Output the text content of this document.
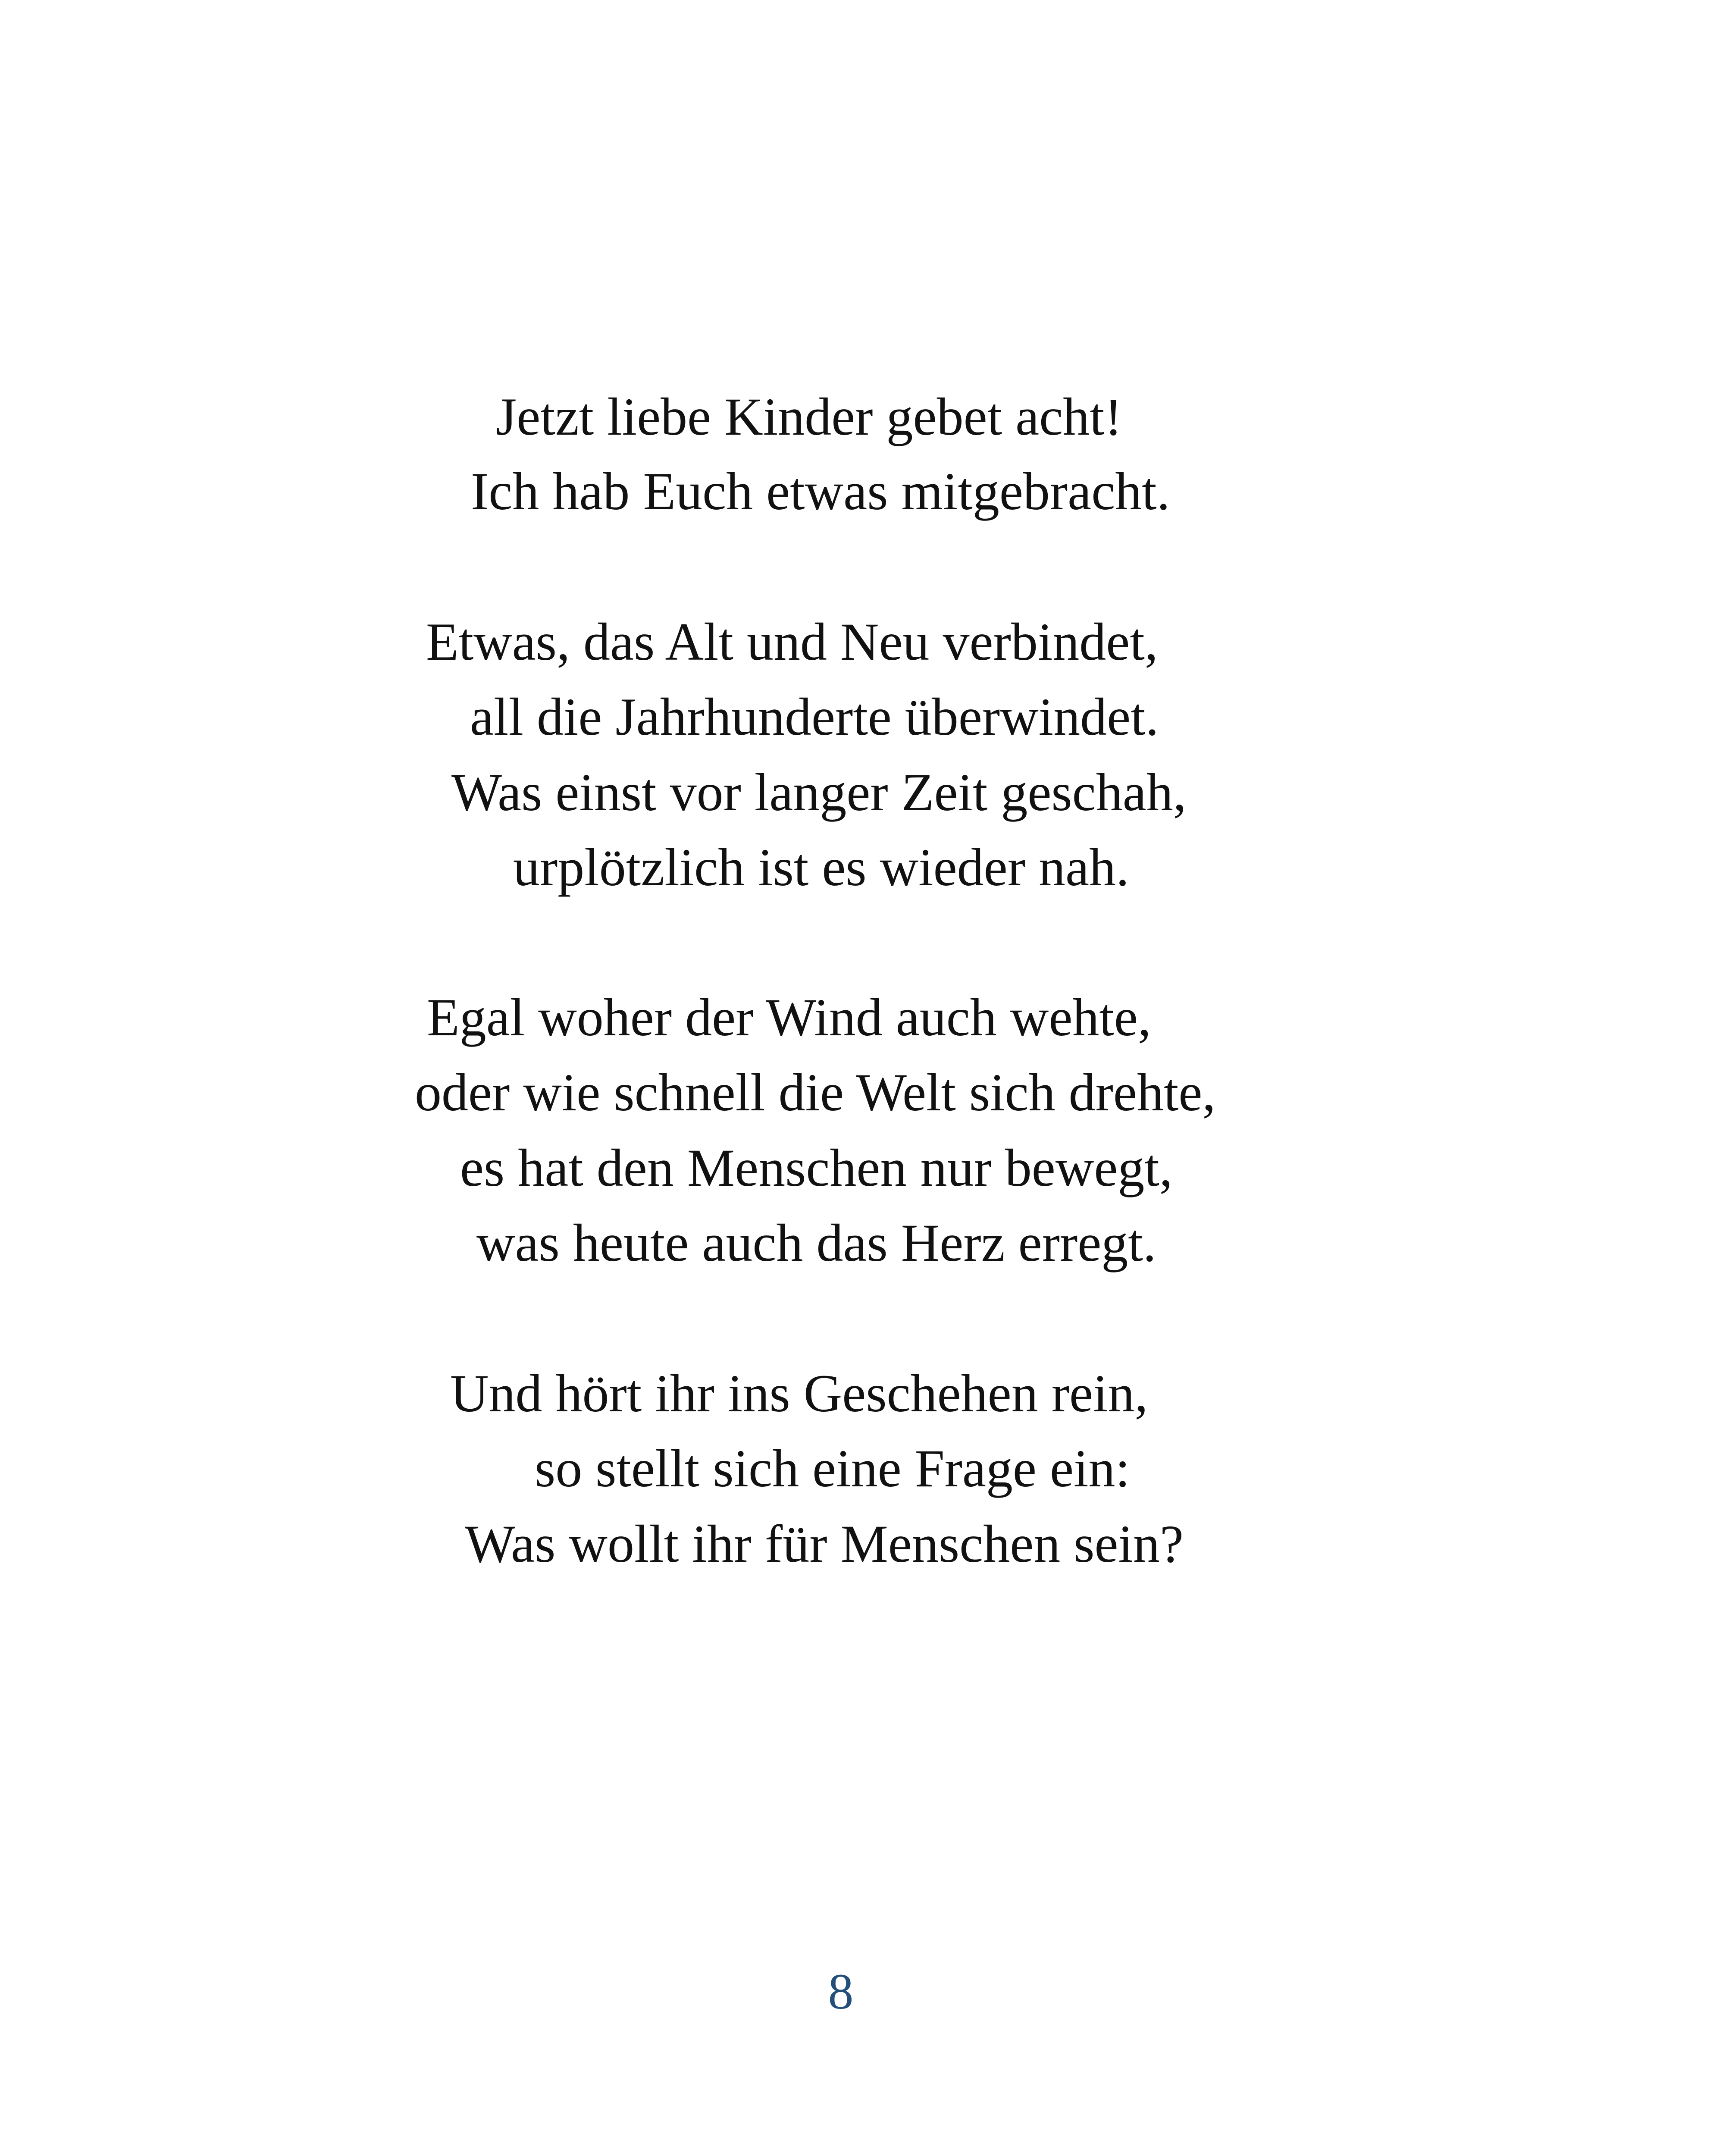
Jetzt liebe Kinder gebet acht!
Ich hab Euch etwas mitgebracht.
Etwas, das Alt und Neu verbindet,
all die Jahrhunderte überwindet.
Was einst vor langer Zeit geschah,
urplötzlich ist es wieder nah.
Egal woher der Wind auch wehte,
oder wie schnell die Welt sich drehte,
es hat den Menschen nur bewegt,
was heute auch das Herz erregt.
Und hört ihr ins Geschehen rein,
so stellt sich eine Frage ein:
Was wollt ihr für Menschen sein?
8
